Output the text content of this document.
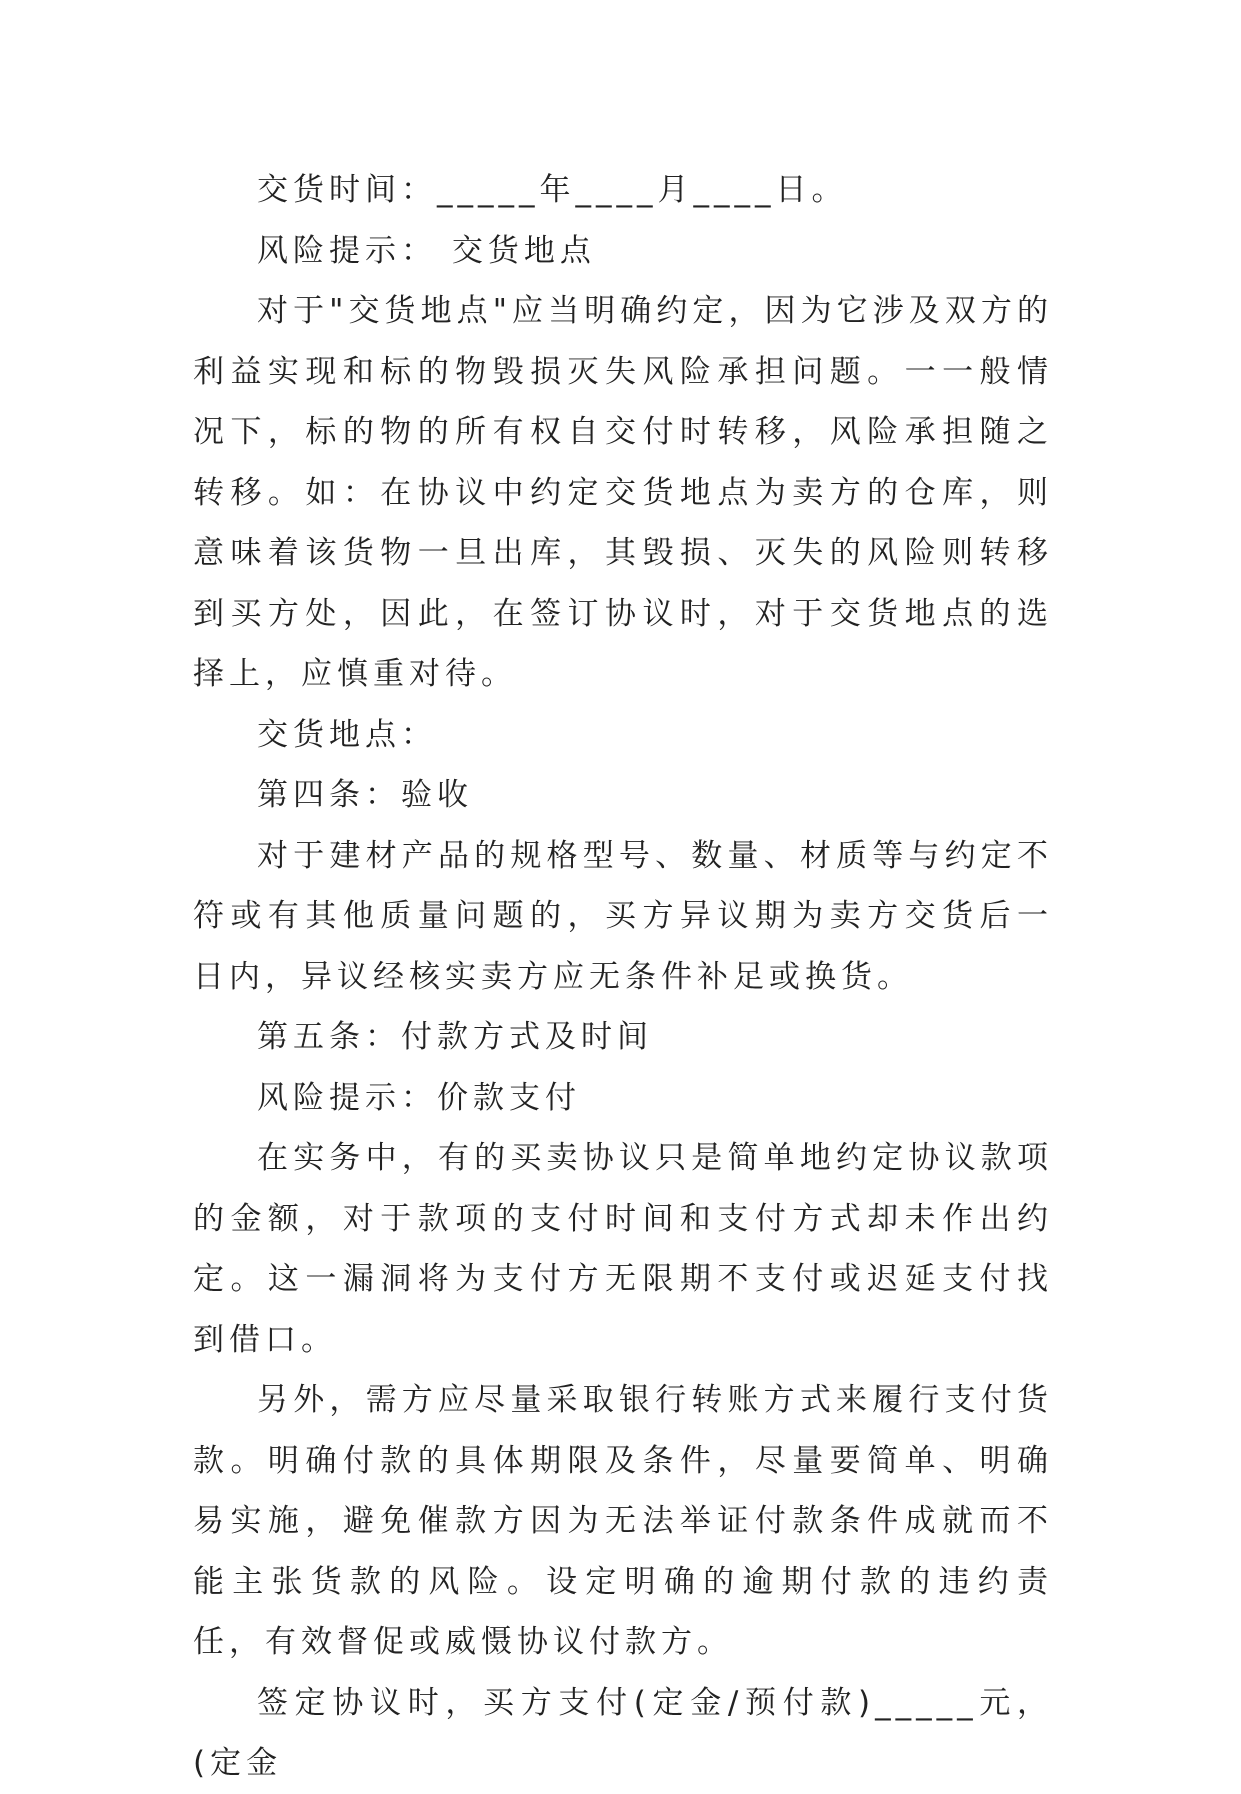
交货时间：_____年____月____日。

风险提示： 交货地点

对于"交货地点"应当明确约定，因为它涉及双方的利益实现和标的物毁损灭失风险承担问题。一一般情况下，标的物的所有权自交付时转移，风险承担随之转移。如：在协议中约定交货地点为卖方的仓库，则意味着该货物一旦出库，其毁损、灭失的风险则转移到买方处，因此，在签订协议时，对于交货地点的选择上，应慎重对待。

交货地点：

第四条：验收

对于建材产品的规格型号、数量、材质等与约定不符或有其他质量问题的，买方异议期为卖方交货后一日内，异议经核实卖方应无条件补足或换货。

第五条：付款方式及时间

风险提示：价款支付

在实务中，有的买卖协议只是简单地约定协议款项的金额，对于款项的支付时间和支付方式却未作出约定。这一漏洞将为支付方无限期不支付或迟延支付找到借口。

另外，需方应尽量采取银行转账方式来履行支付货款。明确付款的具体期限及条件，尽量要简单、明确易实施，避免催款方因为无法举证付款条件成就而不能主张货款的风险。设定明确的逾期付款的违约责任，有效督促或威慑协议付款方。

签定协议时，买方支付(定金/预付款)_____元，(定金
